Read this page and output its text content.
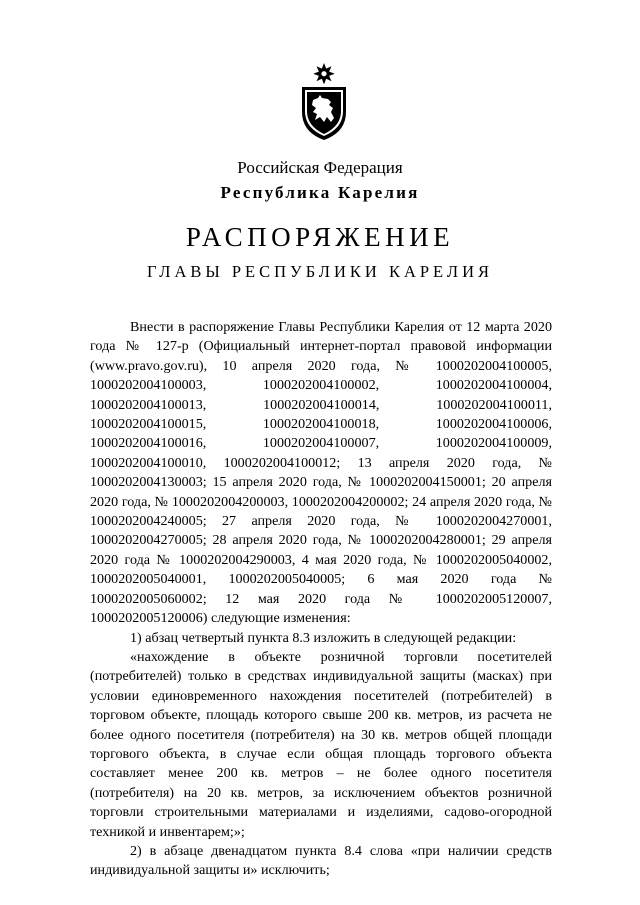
Российская Федерация
Республика Карелия
РАСПОРЯЖЕНИЕ
ГЛАВЫ РЕСПУБЛИКИ КАРЕЛИЯ

Внести в распоряжение Главы Республики Карелия от 12 марта 2020 года № 127-р (Официальный интернет-портал правовой информации (www.pravo.gov.ru), 10 апреля 2020 года, № 1000202004100005, 1000202004100003, 1000202004100002, 1000202004100004, 1000202004100013, 1000202004100014, 1000202004100011, 1000202004100015, 1000202004100018, 1000202004100006, 1000202004100016, 1000202004100007, 1000202004100009, 1000202004100010, 1000202004100012; 13 апреля 2020 года, № 1000202004130003; 15 апреля 2020 года, № 1000202004150001; 20 апреля 2020 года, № 1000202004200003, 1000202004200002; 24 апреля 2020 года, № 1000202004240005; 27 апреля 2020 года, № 1000202004270001, 1000202004270005; 28 апреля 2020 года, № 1000202004280001; 29 апреля 2020 года № 1000202004290003, 4 мая 2020 года, № 1000202005040002, 1000202005040001, 1000202005040005; 6 мая 2020 года № 1000202005060002; 12 мая 2020 года № 1000202005120007, 1000202005120006) следующие изменения:

1) абзац четвертый пункта 8.3 изложить в следующей редакции:

«нахождение в объекте розничной торговли посетителей (потребителей) только в средствах индивидуальной защиты (масках) при условии единовременного нахождения посетителей (потребителей) в торговом объекте, площадь которого свыше 200 кв. метров, из расчета не более одного посетителя (потребителя) на 30 кв. метров общей площади торгового объекта, в случае если общая площадь торгового объекта составляет менее 200 кв. метров – не более одного посетителя (потребителя) на 20 кв. метров, за исключением объектов розничной торговли строительными материалами и изделиями, садово-огородной техникой и инвентарем;»;

2) в абзаце двенадцатом пункта 8.4 слова «при наличии средств индивидуальной защиты и» исключить;
